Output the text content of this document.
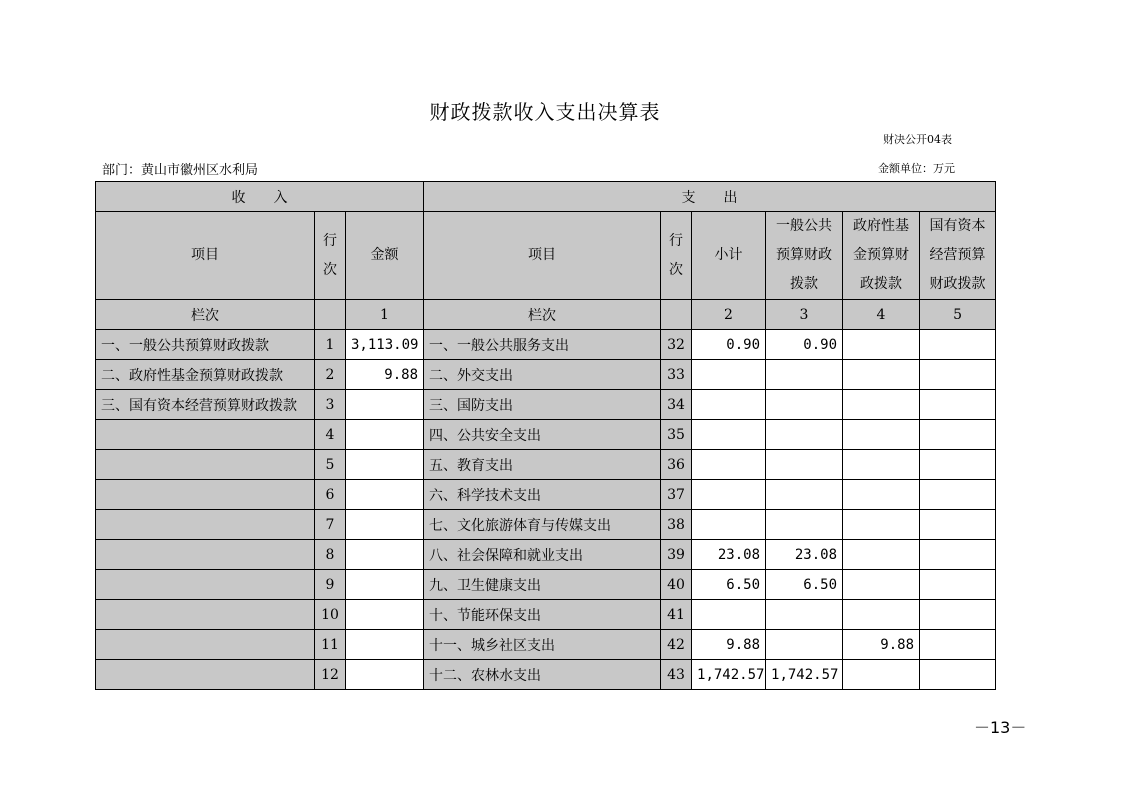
财政拨款收入支出决算表
财决公开04表
部门：黄山市徽州区水利局	金额单位：万元
收　　入			支　　出					
项目	行次	金额	项目	行次	小计	一般公共预算财政拨款	政府性基金预算财政拨款	国有资本经营预算财政拨款
栏次		1	栏次		2	3	4	5
一、一般公共预算财政拨款	1	3,113.09	一、一般公共服务支出	32	0.90	0.90		
二、政府性基金预算财政拨款	2	9.88	二、外交支出	33				
三、国有资本经营预算财政拨款	3		三、国防支出	34				
	4		四、公共安全支出	35				
	5		五、教育支出	36				
	6		六、科学技术支出	37				
	7		七、文化旅游体育与传媒支出	38				
	8		八、社会保障和就业支出	39	23.08	23.08		
	9		九、卫生健康支出	40	6.50	6.50		
	10		十、节能环保支出	41				
	11		十一、城乡社区支出	42	9.88		9.88	
	12		十二、农林水支出	43	1,742.57	1,742.57		
－13－
